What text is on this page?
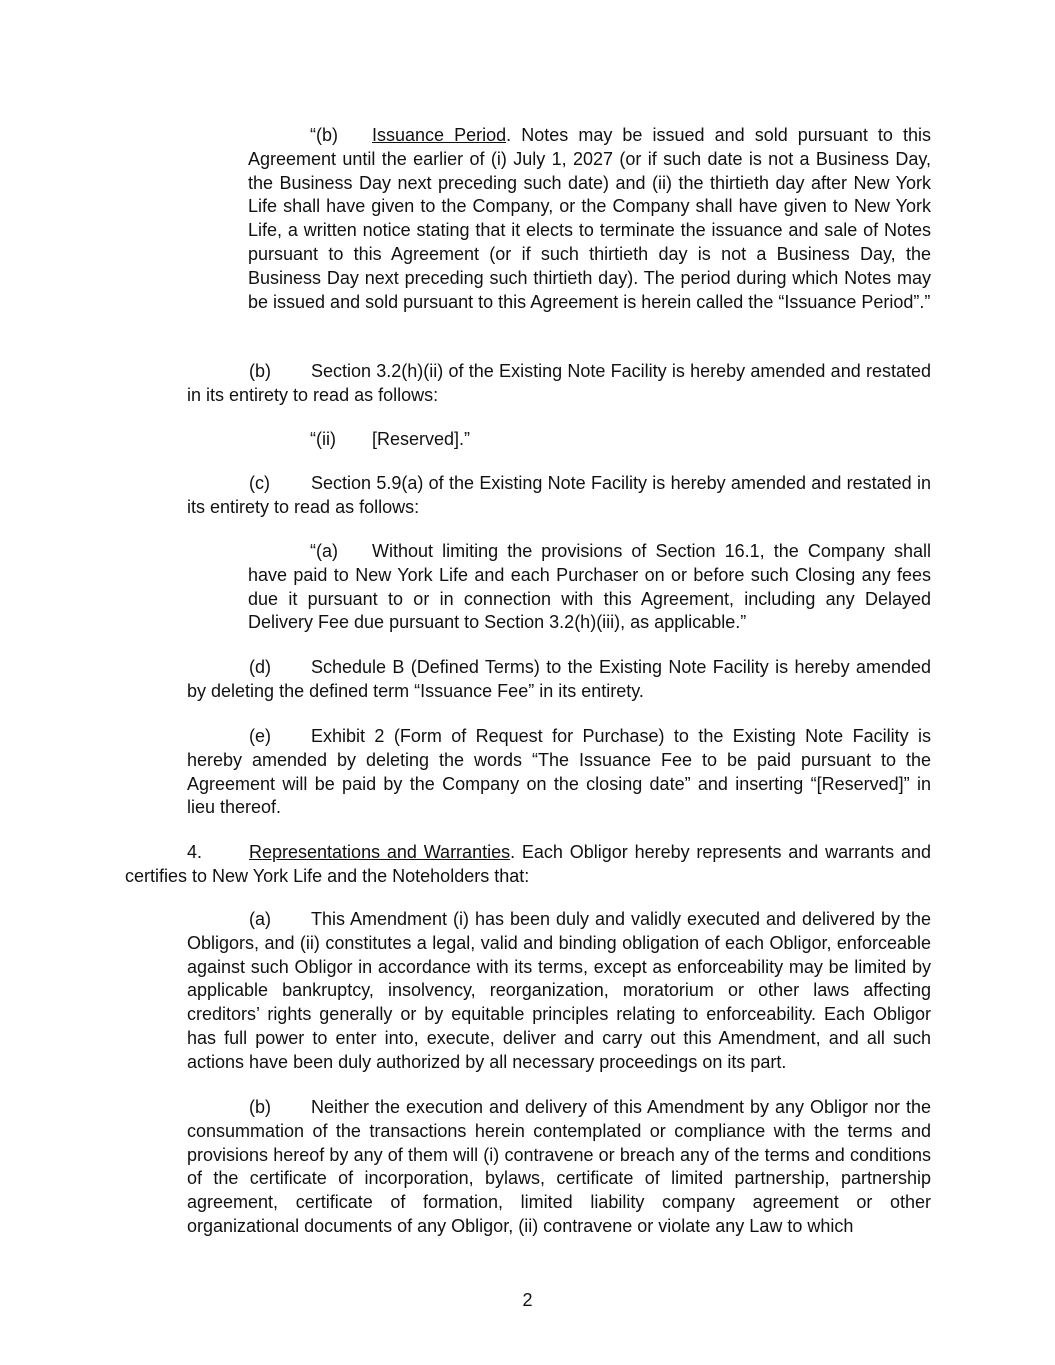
“(b) Issuance Period. Notes may be issued and sold pursuant to this Agreement until the earlier of (i) July 1, 2027 (or if such date is not a Business Day, the Business Day next preceding such date) and (ii) the thirtieth day after New York Life shall have given to the Company, or the Company shall have given to New York Life, a written notice stating that it elects to terminate the issuance and sale of Notes pursuant to this Agreement (or if such thirtieth day is not a Business Day, the Business Day next preceding such thirtieth day). The period during which Notes may be issued and sold pursuant to this Agreement is herein called the “Issuance Period”.”

(b) Section 3.2(h)(ii) of the Existing Note Facility is hereby amended and restated in its entirety to read as follows:

“(ii) [Reserved].”

(c) Section 5.9(a) of the Existing Note Facility is hereby amended and restated in its entirety to read as follows:

“(a) Without limiting the provisions of Section 16.1, the Company shall have paid to New York Life and each Purchaser on or before such Closing any fees due it pursuant to or in connection with this Agreement, including any Delayed Delivery Fee due pursuant to Section 3.2(h)(iii), as applicable.”

(d) Schedule B (Defined Terms) to the Existing Note Facility is hereby amended by deleting the defined term “Issuance Fee” in its entirety.

(e) Exhibit 2 (Form of Request for Purchase) to the Existing Note Facility is hereby amended by deleting the words “The Issuance Fee to be paid pursuant to the Agreement will be paid by the Company on the closing date” and inserting “[Reserved]” in lieu thereof.

4.	Representations and Warranties. Each Obligor hereby represents and warrants and certifies to New York Life and the Noteholders that:

(a) This Amendment (i) has been duly and validly executed and delivered by the Obligors, and (ii) constitutes a legal, valid and binding obligation of each Obligor, enforceable against such Obligor in accordance with its terms, except as enforceability may be limited by applicable bankruptcy, insolvency, reorganization, moratorium or other laws affecting creditors’ rights generally or by equitable principles relating to enforceability. Each Obligor has full power to enter into, execute, deliver and carry out this Amendment, and all such actions have been duly authorized by all necessary proceedings on its part.

(b) Neither the execution and delivery of this Amendment by any Obligor nor the consummation of the transactions herein contemplated or compliance with the terms and provisions hereof by any of them will (i) contravene or breach any of the terms and conditions of the certificate of incorporation, bylaws, certificate of limited partnership, partnership agreement, certificate of formation, limited liability company agreement or other organizational documents of any Obligor, (ii) contravene or violate any Law to which

2
